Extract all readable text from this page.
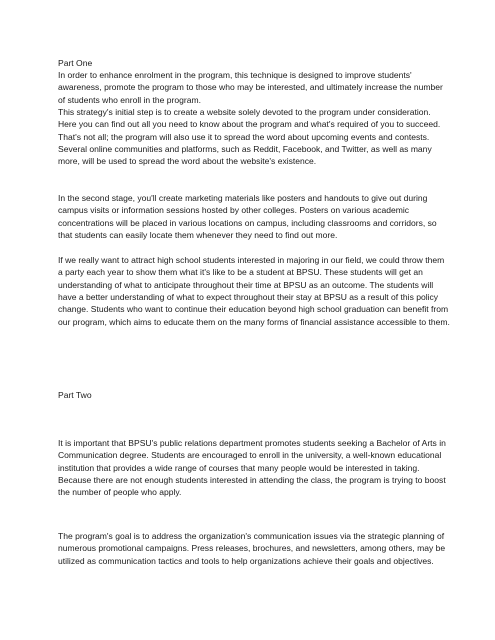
Part One

In order to enhance enrolment in the program, this technique is designed to improve students' awareness, promote the program to those who may be interested, and ultimately increase the number of students who enroll in the program.

This strategy's initial step is to create a website solely devoted to the program under consideration. Here you can find out all you need to know about the program and what's required of you to succeed. That's not all; the program will also use it to spread the word about upcoming events and contests. Several online communities and platforms, such as Reddit, Facebook, and Twitter, as well as many more, will be used to spread the word about the website's existence.

In the second stage, you'll create marketing materials like posters and handouts to give out during campus visits or information sessions hosted by other colleges. Posters on various academic concentrations will be placed in various locations on campus, including classrooms and corridors, so that students can easily locate them whenever they need to find out more.

If we really want to attract high school students interested in majoring in our field, we could throw them a party each year to show them what it's like to be a student at BPSU. These students will get an understanding of what to anticipate throughout their time at BPSU as an outcome. The students will have a better understanding of what to expect throughout their stay at BPSU as a result of this policy change. Students who want to continue their education beyond high school graduation can benefit from our program, which aims to educate them on the many forms of financial assistance accessible to them.

Part Two

It is important that BPSU's public relations department promotes students seeking a Bachelor of Arts in Communication degree. Students are encouraged to enroll in the university, a well-known educational institution that provides a wide range of courses that many people would be interested in taking. Because there are not enough students interested in attending the class, the program is trying to boost the number of people who apply.

The program's goal is to address the organization's communication issues via the strategic planning of numerous promotional campaigns. Press releases, brochures, and newsletters, among others, may be utilized as communication tactics and tools to help organizations achieve their goals and objectives.
